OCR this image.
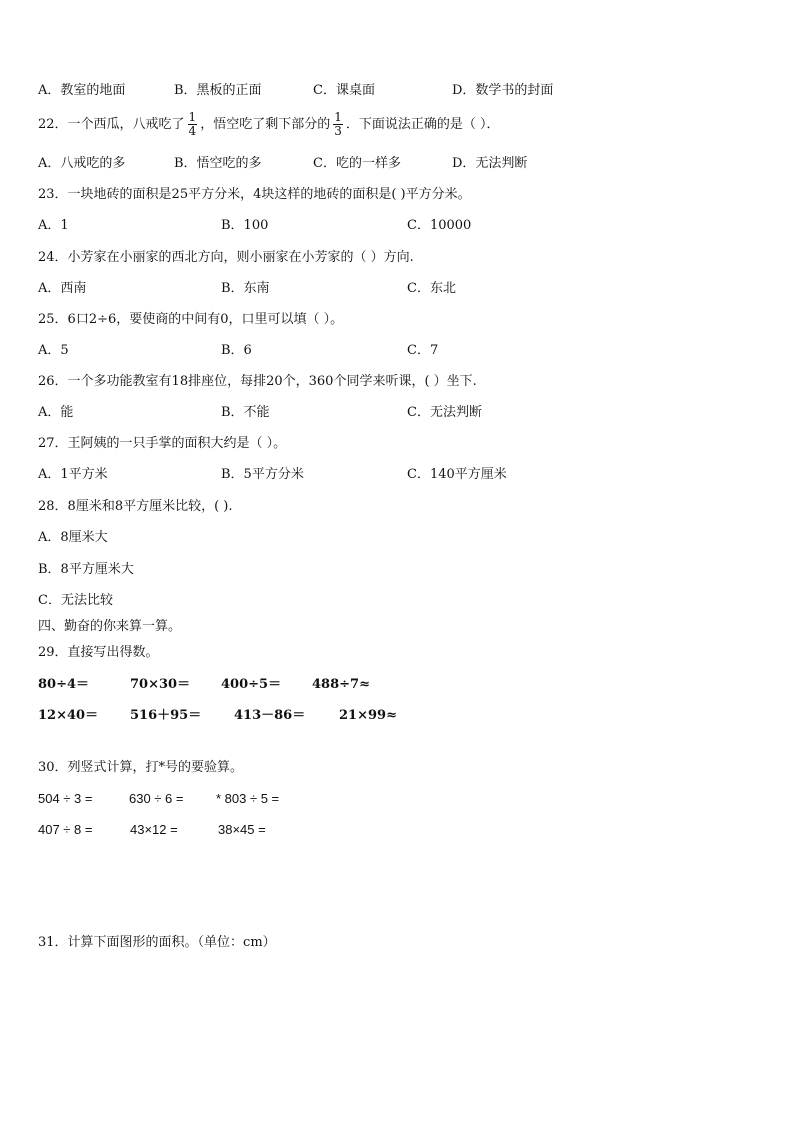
A．教室的地面	B．黑板的正面	C．课桌面	D．数学书的封面
22．一个西瓜，八戒吃了 $\frac{1}{4}$ ，悟空吃了剩下部分的 $\frac{1}{3}$ ．下面说法正确的是（ ）．
A．八戒吃的多	B．悟空吃的多	C．吃的一样多	D．无法判断
23．一块地砖的面积是25平方分米，4块这样的地砖的面积是( )平方分米。
A．1	B．100	C．10000
24．小芳家在小丽家的西北方向，则小丽家在小芳家的（ ）方向.
A．西南	B．东南	C．东北
25．6口2÷6，要使商的中间有0，口里可以填（ ）。
A．5	B．6	C．7
26．一个多功能教室有18排座位，每排20个，360个同学来听课，( ）坐下.
A．能	B．不能	C．无法判断
27．王阿姨的一只手掌的面积大约是（ ）。
A．1平方米	B．5平方分米	C．140平方厘米
28．8厘米和8平方厘米比较，( ).
A．8厘米大
B．8平方厘米大
C．无法比较
四、勤奋的你来算一算。
29．直接写出得数。
80÷4＝	70×30＝ 400÷5＝ 488÷7≈
12×40＝ 516＋95＝	413－86＝	21×99≈
30．列竖式计算，打*号的要验算。
504 ÷ 3 =	630 ÷ 6 =	* 803 ÷ 5 =
407 ÷ 8 =	43×12 =	38×45 =
31．计算下面图形的面积。（单位：cm）
